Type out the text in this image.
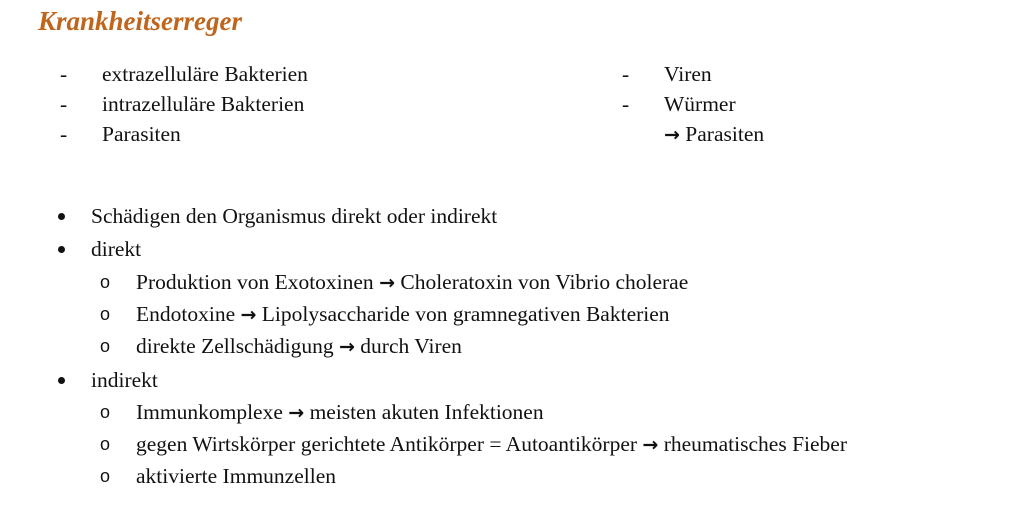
Krankheitserreger
- extrazelluläre Bakterien
- intrazelluläre Bakterien
- Parasiten
- Viren
- Würmer
→ Parasiten
Schädigen den Organismus direkt oder indirekt
direkt
o Produktion von Exotoxinen → Choleratoxin von Vibrio cholerae
o Endotoxine → Lipolysaccharide von gramnegativen Bakterien
o direkte Zellschädigung → durch Viren
indirekt
o Immunkomplexe → meisten akuten Infektionen
o gegen Wirtskörper gerichtete Antikörper = Autoantikörper → rheumatisches Fieber
o aktivierte Immunzellen
